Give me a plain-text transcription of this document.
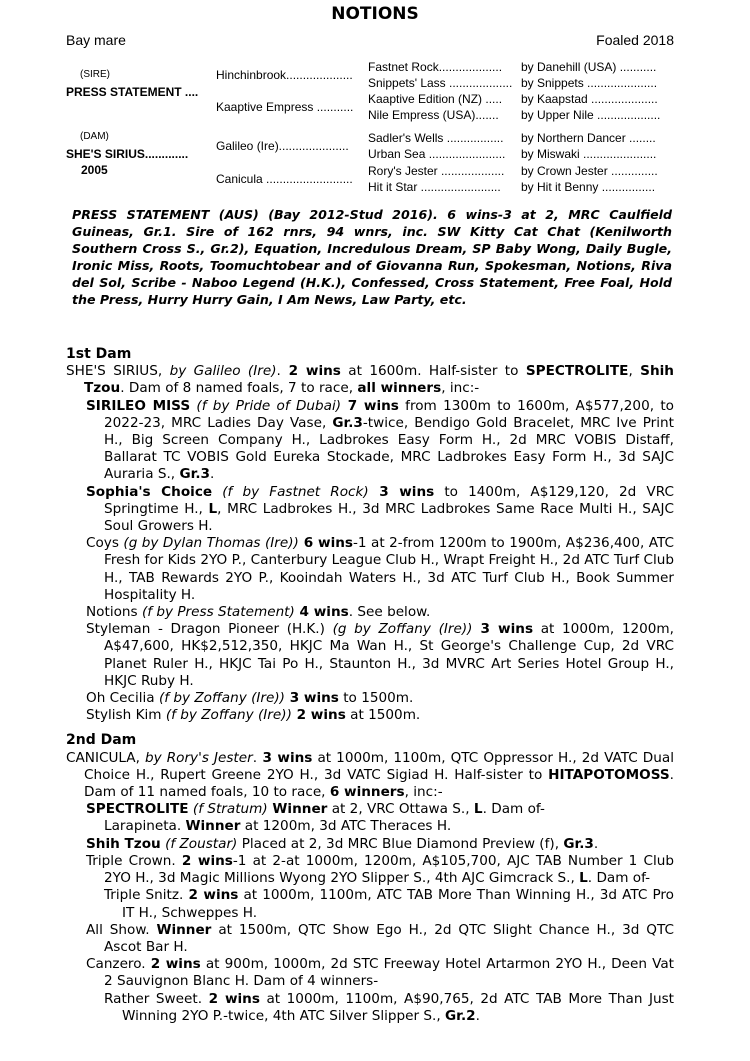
NOTIONS
Bay mare	Foaled 2018
(SIRE)
PRESS STATEMENT ....
(DAM)
SHE'S SIRIUS.............
2005
Hinchinbrook....................
Kaaptive Empress ...........
Galileo (Ire).....................
Canicula ..........................
Fastnet Rock...................
Snippets' Lass ...................
Kaaptive Edition (NZ) .....
Nile Empress (USA).......
Sadler's Wells .................
Urban Sea .......................
Rory's Jester ...................
Hit it Star ........................
by Danehill (USA) ...........
by Snippets .....................
by Kaapstad ....................
by Upper Nile ...................
by Northern Dancer ........
by Miswaki ......................
by Crown Jester ..............
by Hit it Benny ................
PRESS STATEMENT (AUS) (Bay 2012-Stud 2016). 6 wins-3 at 2, MRC Caulfield Guineas, Gr.1. Sire of 162 rnrs, 94 wnrs, inc. SW Kitty Cat Chat (Kenilworth Southern Cross S., Gr.2), Equation, Incredulous Dream, SP Baby Wong, Daily Bugle, Ironic Miss, Roots, Toomuchtobear and of Giovanna Run, Spokesman, Notions, Riva del Sol, Scribe - Naboo Legend (H.K.), Confessed, Cross Statement, Free Foal, Hold the Press, Hurry Hurry Gain, I Am News, Law Party, etc.
1st Dam
SHE'S SIRIUS, by Galileo (Ire). 2 wins at 1600m. Half-sister to SPECTROLITE, Shih Tzou. Dam of 8 named foals, 7 to race, all winners, inc:-
SIRILEO MISS (f by Pride of Dubai) 7 wins from 1300m to 1600m, A$577,200, to 2022-23, MRC Ladies Day Vase, Gr.3-twice, Bendigo Gold Bracelet, MRC Ive Print H., Big Screen Company H., Ladbrokes Easy Form H., 2d MRC VOBIS Distaff, Ballarat TC VOBIS Gold Eureka Stockade, MRC Ladbrokes Easy Form H., 3d SAJC Auraria S., Gr.3.
Sophia's Choice (f by Fastnet Rock) 3 wins to 1400m, A$129,120, 2d VRC Springtime H., L, MRC Ladbrokes H., 3d MRC Ladbrokes Same Race Multi H., SAJC Soul Growers H.
Coys (g by Dylan Thomas (Ire)) 6 wins-1 at 2-from 1200m to 1900m, A$236,400, ATC Fresh for Kids 2YO P., Canterbury League Club H., Wrapt Freight H., 2d ATC Turf Club H., TAB Rewards 2YO P., Kooindah Waters H., 3d ATC Turf Club H., Book Summer Hospitality H.
Notions (f by Press Statement) 4 wins. See below.
Styleman - Dragon Pioneer (H.K.) (g by Zoffany (Ire)) 3 wins at 1000m, 1200m, A$47,600, HK$2,512,350, HKJC Ma Wan H., St George's Challenge Cup, 2d VRC Planet Ruler H., HKJC Tai Po H., Staunton H., 3d MVRC Art Series Hotel Group H., HKJC Ruby H.
Oh Cecilia (f by Zoffany (Ire)) 3 wins to 1500m.
Stylish Kim (f by Zoffany (Ire)) 2 wins at 1500m.
2nd Dam
CANICULA, by Rory's Jester. 3 wins at 1000m, 1100m, QTC Oppressor H., 2d VATC Dual Choice H., Rupert Greene 2YO H., 3d VATC Sigiad H. Half-sister to HITAPOTOMOSS. Dam of 11 named foals, 10 to race, 6 winners, inc:-
SPECTROLITE (f Stratum) Winner at 2, VRC Ottawa S., L. Dam of-
Larapineta. Winner at 1200m, 3d ATC Theraces H.
Shih Tzou (f Zoustar) Placed at 2, 3d MRC Blue Diamond Preview (f), Gr.3.
Triple Crown. 2 wins-1 at 2-at 1000m, 1200m, A$105,700, AJC TAB Number 1 Club 2YO H., 3d Magic Millions Wyong 2YO Slipper S., 4th AJC Gimcrack S., L. Dam of-
Triple Snitz. 2 wins at 1000m, 1100m, ATC TAB More Than Winning H., 3d ATC Pro IT H., Schweppes H.
All Show. Winner at 1500m, QTC Show Ego H., 2d QTC Slight Chance H., 3d QTC Ascot Bar H.
Canzero. 2 wins at 900m, 1000m, 2d STC Freeway Hotel Artarmon 2YO H., Deen Vat 2 Sauvignon Blanc H. Dam of 4 winners-
Rather Sweet. 2 wins at 1000m, 1100m, A$90,765, 2d ATC TAB More Than Just Winning 2YO P.-twice, 4th ATC Silver Slipper S., Gr.2.
